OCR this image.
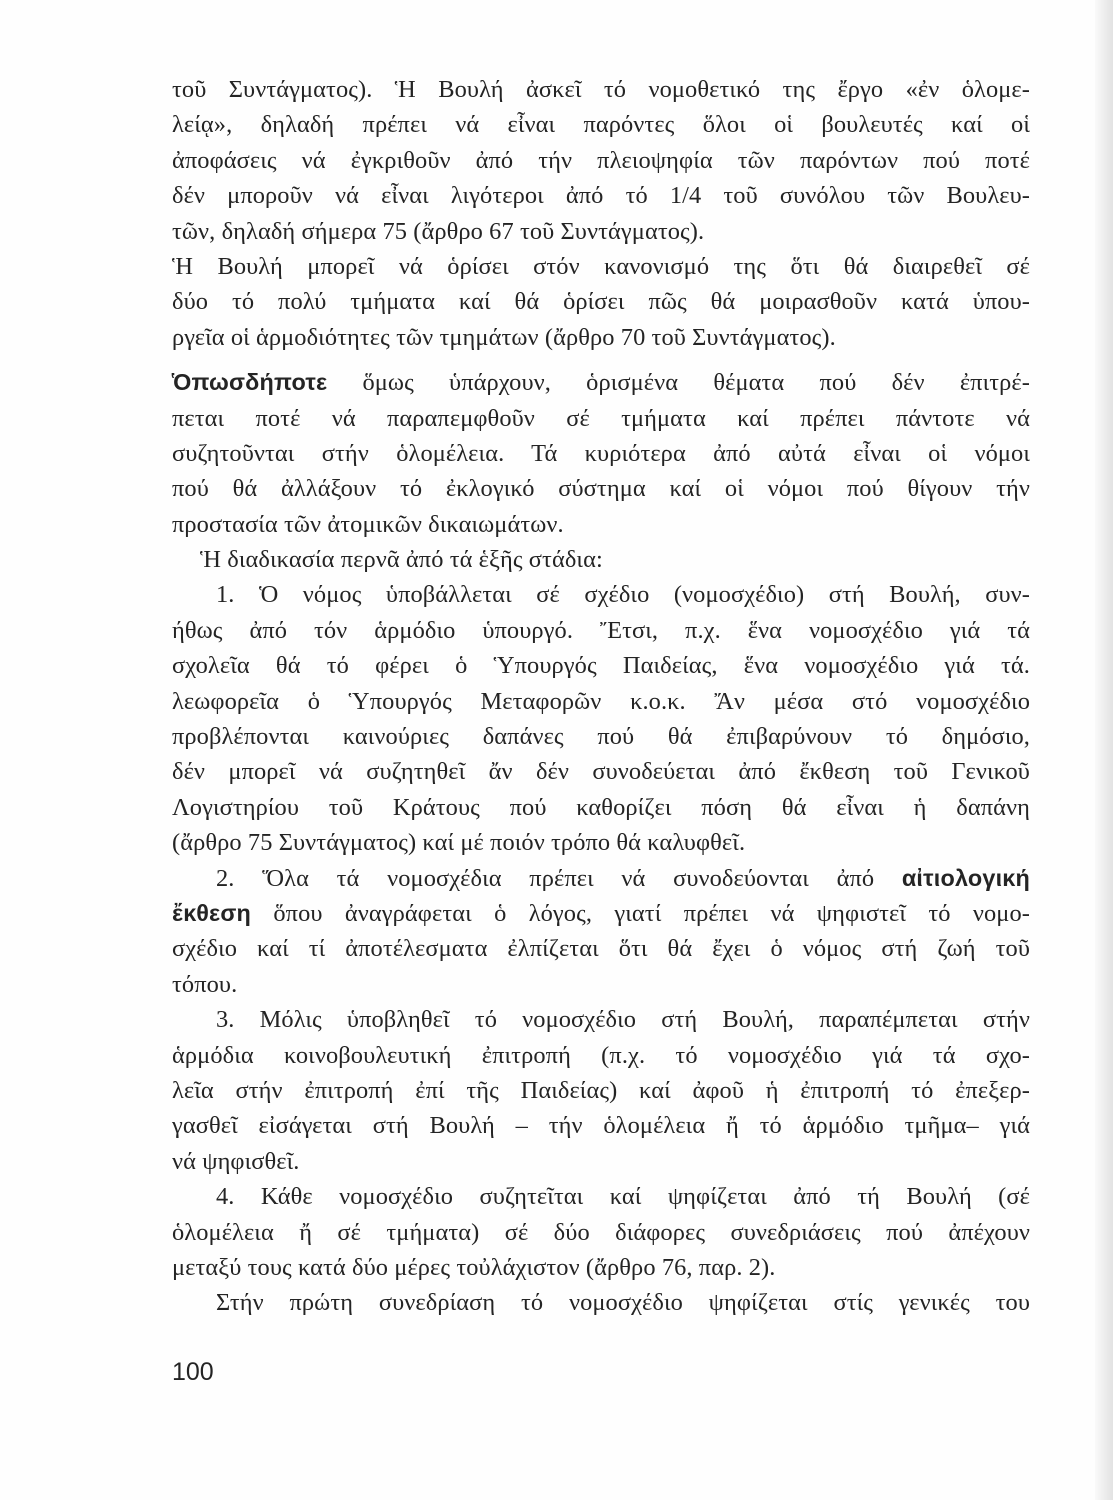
τοῦ Συντάγματος). Ἡ Βουλή ἀσκεῖ τό νομοθετικό της ἔργο «ἐν ὁλομε-
λείᾳ», δηλαδή πρέπει νά εἶναι παρόντες ὅλοι οἱ βουλευτές καί οἱ
ἀποφάσεις νά ἐγκριθοῦν ἀπό τήν πλειοψηφία τῶν παρόντων πού ποτέ
δέν μποροῦν νά εἶναι λιγότεροι ἀπό τό 1/4 τοῦ συνόλου τῶν Βουλευ-
τῶν, δηλαδή σήμερα 75 (ἄρθρο 67 τοῦ Συντάγματος).
Ἡ Βουλή μπορεῖ νά ὁρίσει στόν κανονισμό της ὅτι θά διαιρεθεῖ σέ
δύο τό πολύ τμήματα καί θά ὁρίσει πῶς θά μοιρασθοῦν κατά ὑπου-
ργεῖα οἱ ἁρμοδιότητες τῶν τμημάτων (ἄρθρο 70 τοῦ Συντάγματος).
Ὁπωσδήποτε ὅμως ὑπάρχουν, ὁρισμένα θέματα πού δέν ἐπιτρέ-
πεται ποτέ νά παραπεμφθοῦν σέ τμήματα καί πρέπει πάντοτε νά
συζητοῦνται στήν ὁλομέλεια. Τά κυριότερα ἀπό αὐτά εἶναι οἱ νόμοι
πού θά ἀλλάξουν τό ἐκλογικό σύστημα καί οἱ νόμοι πού θίγουν τήν
προστασία τῶν ἀτομικῶν δικαιωμάτων.
Ἡ διαδικασία περνᾶ ἀπό τά ἑξῆς στάδια:
1. Ὁ νόμος ὑποβάλλεται σέ σχέδιο (νομοσχέδιο) στή Βουλή, συν-
ήθως ἀπό τόν ἁρμόδιο ὑπουργό. Ἔτσι, π.χ. ἕνα νομοσχέδιο γιά τά
σχολεῖα θά τό φέρει ὁ Ὑπουργός Παιδείας, ἕνα νομοσχέδιο γιά τά.
λεωφορεῖα ὁ Ὑπουργός Μεταφορῶν κ.ο.κ. Ἄν μέσα στό νομοσχέδιο
προβλέπονται καινούριες δαπάνες πού θά ἐπιβαρύνουν τό δημόσιο,
δέν μπορεῖ νά συζητηθεῖ ἄν δέν συνοδεύεται ἀπό ἔκθεση τοῦ Γενικοῦ
Λογιστηρίου τοῦ Κράτους πού καθορίζει πόση θά εἶναι ἡ δαπάνη
(ἄρθρο 75 Συντάγματος) καί μέ ποιόν τρόπο θά καλυφθεῖ.
2. Ὅλα τά νομοσχέδια πρέπει νά συνοδεύονται ἀπό αἰτιολογική
ἔκθεση ὅπου ἀναγράφεται ὁ λόγος, γιατί πρέπει νά ψηφιστεῖ τό νομο-
σχέδιο καί τί ἀποτέλεσματα ἐλπίζεται ὅτι θά ἔχει ὁ νόμος στή ζωή τοῦ
τόπου.
3. Μόλις ὑποβληθεῖ τό νομοσχέδιο στή Βουλή, παραπέμπεται στήν
ἁρμόδια κοινοβουλευτική ἐπιτροπή (π.χ. τό νομοσχέδιο γιά τά σχο-
λεῖα στήν ἐπιτροπή ἐπί τῆς Παιδείας) καί ἀφοῦ ἡ ἐπιτροπή τό ἐπεξερ-
γασθεῖ εἰσάγεται στή Βουλή – τήν ὁλομέλεια ἤ τό ἁρμόδιο τμῆμα– γιά
νά ψηφισθεῖ.
4. Κάθε νομοσχέδιο συζητεῖται καί ψηφίζεται ἀπό τή Βουλή (σέ
ὁλομέλεια ἤ σέ τμήματα) σέ δύο διάφορες συνεδριάσεις πού ἀπέχουν
μεταξύ τους κατά δύο μέρες τοὐλάχιστον (ἄρθρο 76, παρ. 2).
Στήν πρώτη συνεδρίαση τό νομοσχέδιο ψηφίζεται στίς γενικές του
100
